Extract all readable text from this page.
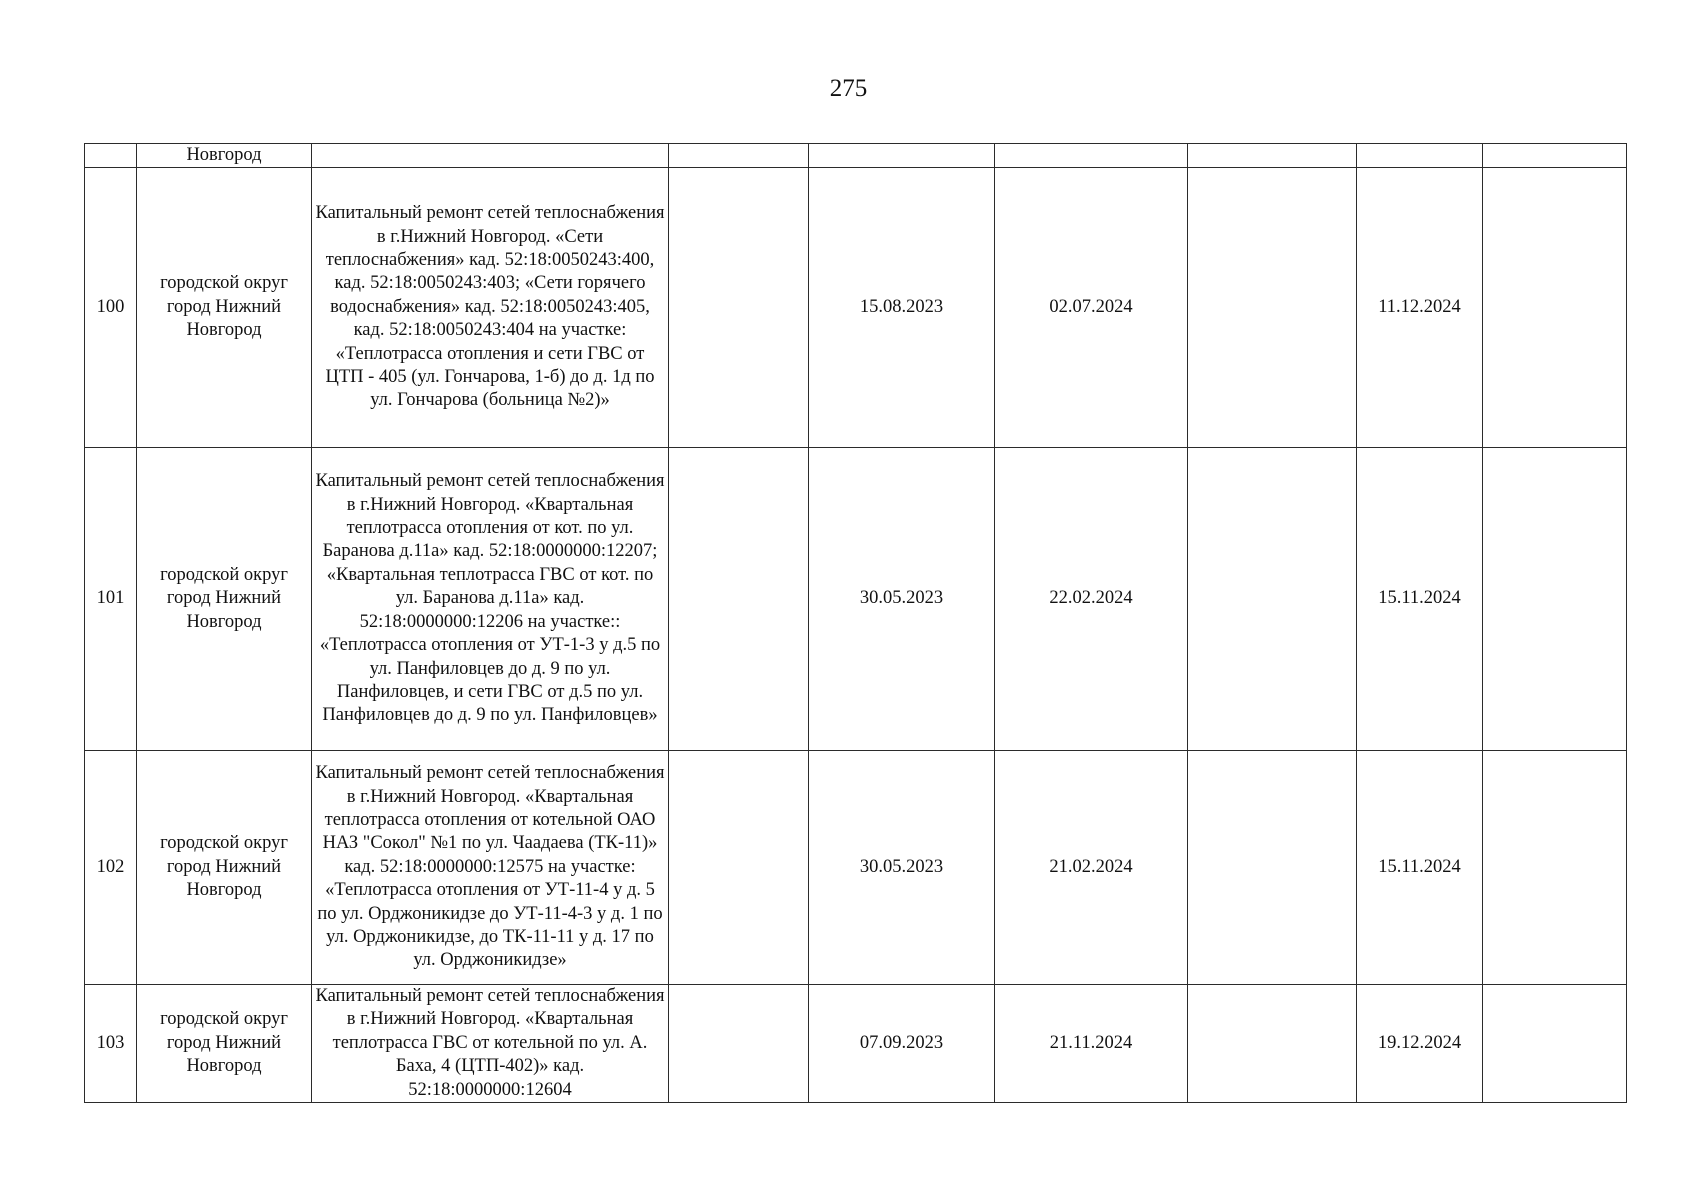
275
	Новгород							
100	городской округ город Нижний Новгород	Капитальный ремонт сетей теплоснабжения в г.Нижний Новгород. «Сети теплоснабжения» кад. 52:18:0050243:400, кад. 52:18:0050243:403; «Сети горячего водоснабжения» кад. 52:18:0050243:405, кад. 52:18:0050243:404 на участке: «Теплотрасса отопления и сети ГВС от ЦТП - 405 (ул. Гончарова, 1-б) до д. 1д по ул. Гончарова (больница №2)»		15.08.2023	02.07.2024		11.12.2024	
101	городской округ город Нижний Новгород	Капитальный ремонт сетей теплоснабжения в г.Нижний Новгород. «Квартальная теплотрасса отопления от кот. по ул. Баранова д.11а» кад. 52:18:0000000:12207; «Квартальная теплотрасса ГВС от кот. по ул. Баранова д.11а» кад. 52:18:0000000:12206 на участке:: «Теплотрасса отопления от УТ-1-3 у д.5 по ул. Панфиловцев до д. 9 по ул. Панфиловцев, и сети ГВС от д.5 по ул. Панфиловцев до д. 9 по ул. Панфиловцев»		30.05.2023	22.02.2024		15.11.2024	
102	городской округ город Нижний Новгород	Капитальный ремонт сетей теплоснабжения в г.Нижний Новгород. «Квартальная теплотрасса отопления от котельной ОАО НАЗ "Сокол" №1 по ул. Чаадаева (ТК-11)» кад. 52:18:0000000:12575 на участке: «Теплотрасса отопления от УТ-11-4 у д. 5 по ул. Орджоникидзе до УТ-11-4-3 у д. 1 по ул. Орджоникидзе, до ТК-11-11 у д. 17 по ул. Орджоникидзе»		30.05.2023	21.02.2024		15.11.2024	
103	городской округ город Нижний Новгород	Капитальный ремонт сетей теплоснабжения в г.Нижний Новгород. «Квартальная теплотрасса ГВС от котельной по ул. А. Баха, 4 (ЦТП-402)» кад. 52:18:0000000:12604		07.09.2023	21.11.2024		19.12.2024	
